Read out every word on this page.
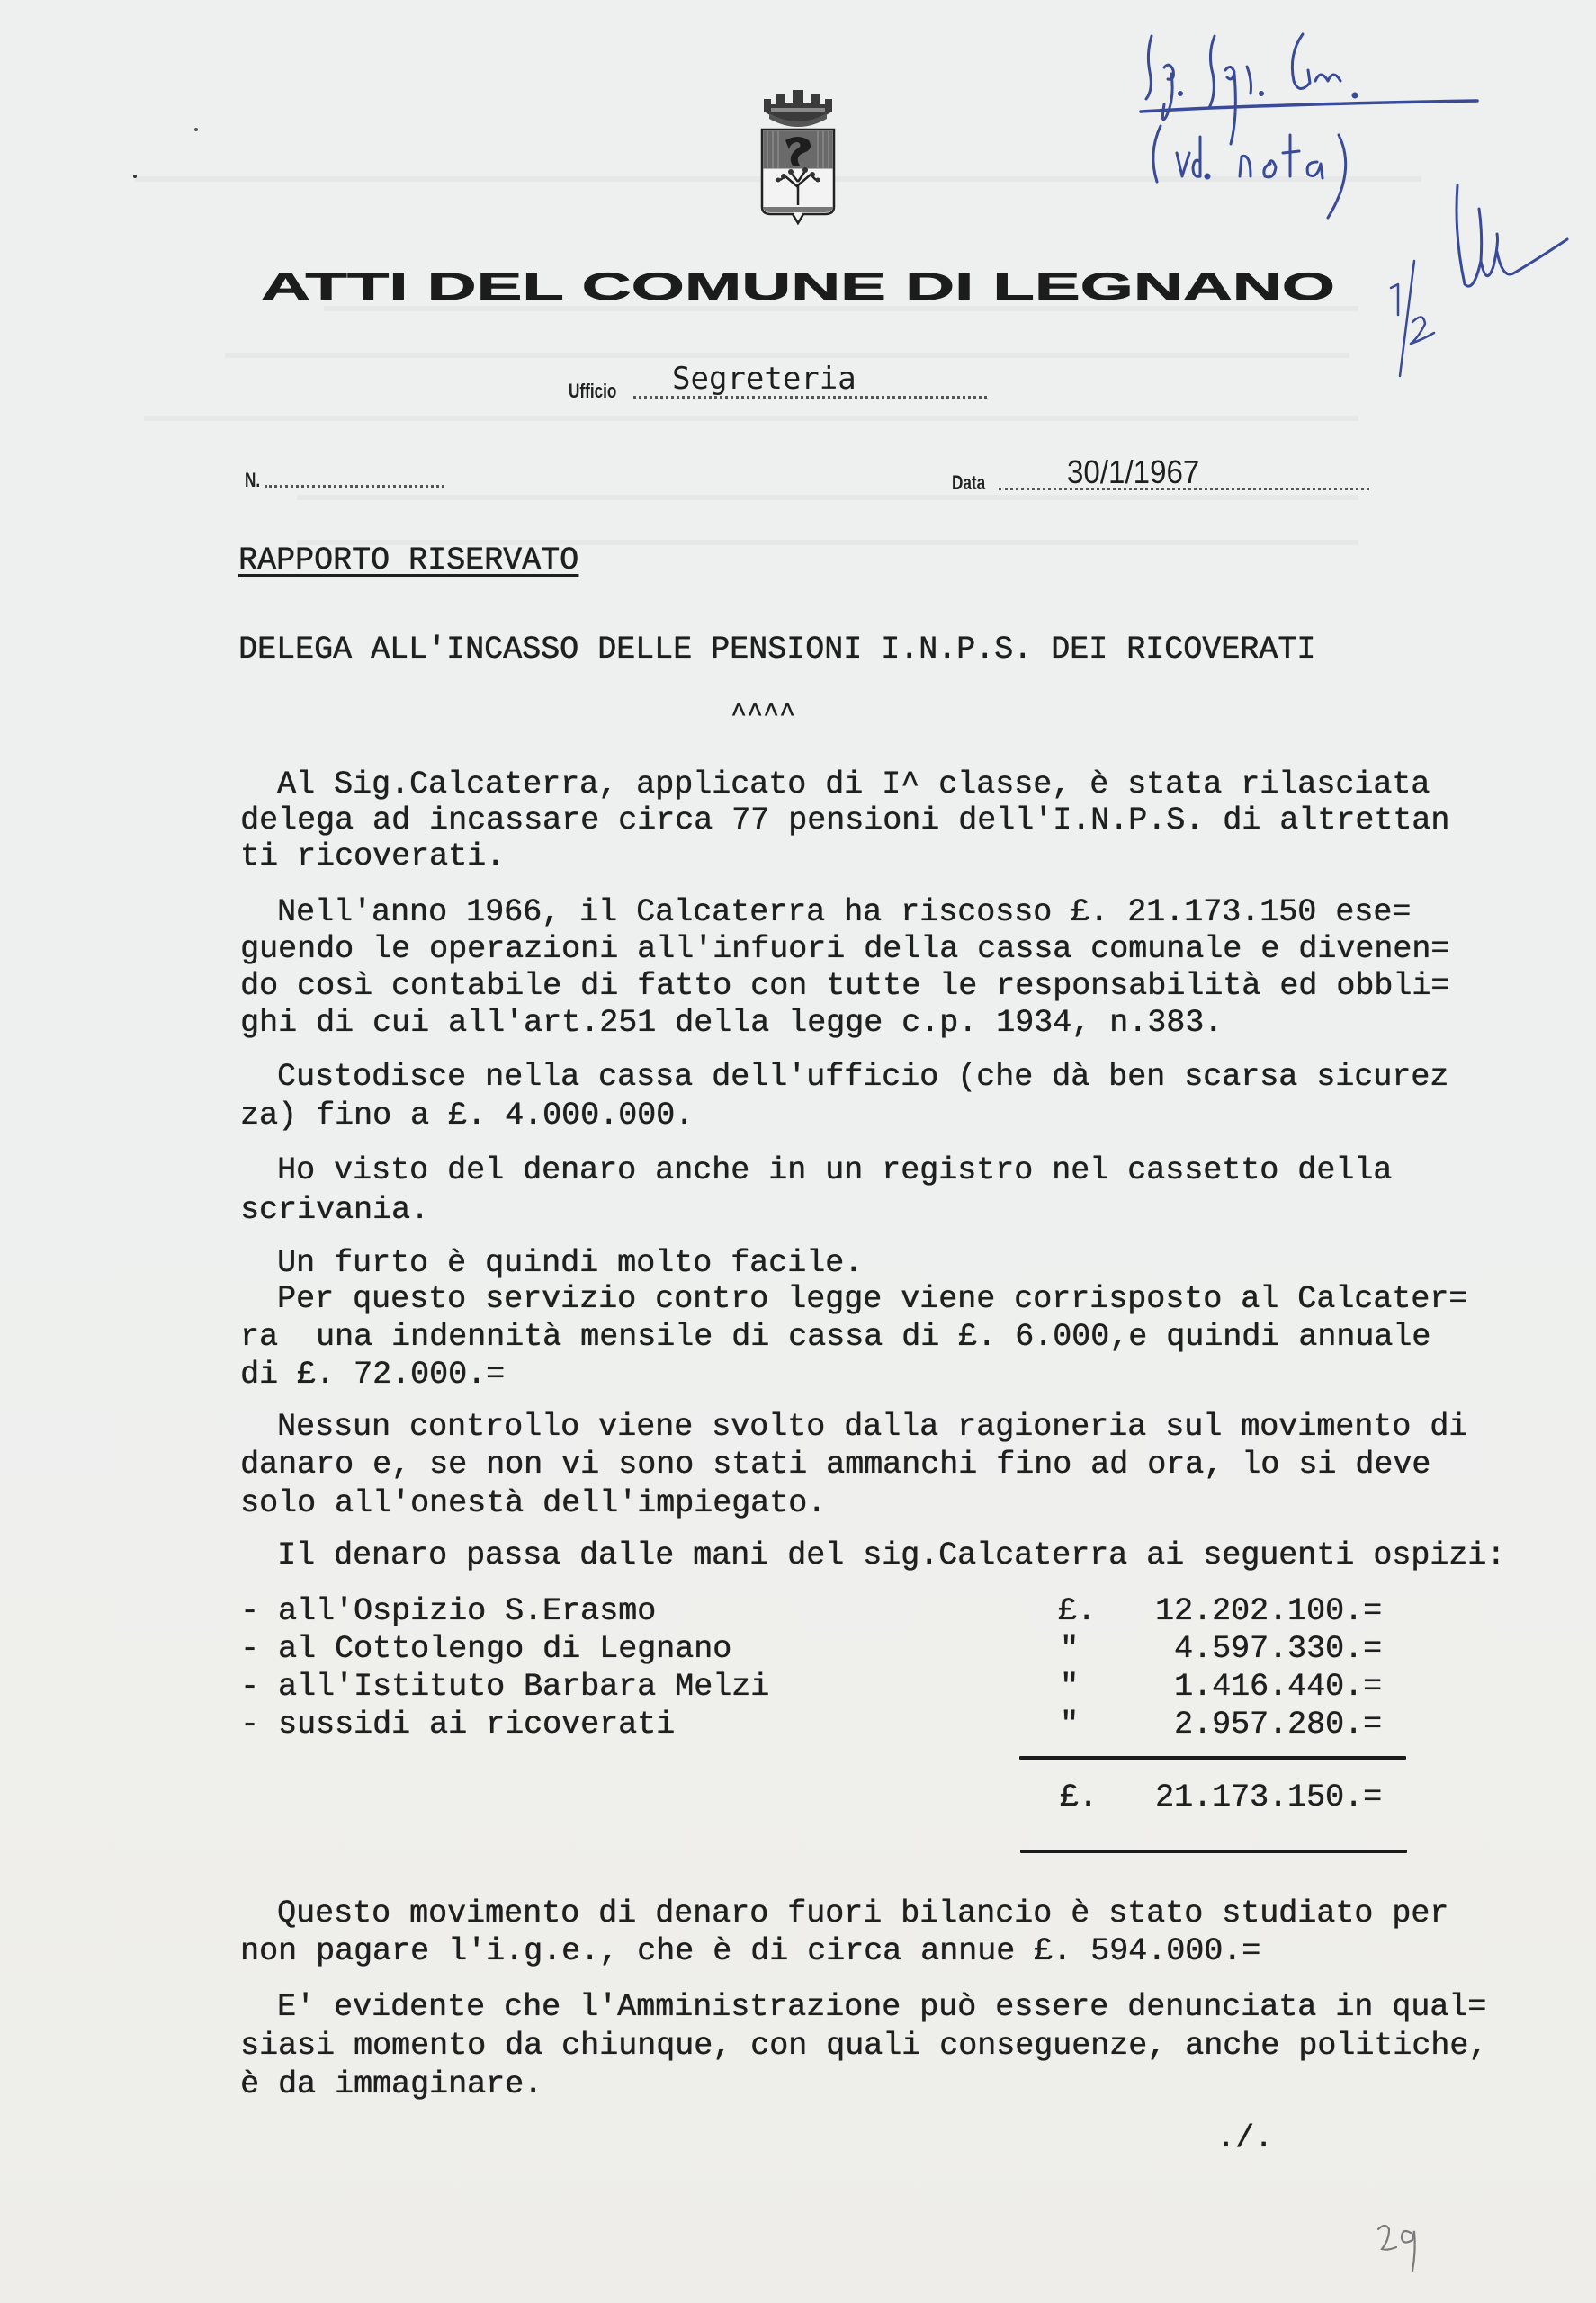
ATTI DEL COMUNE DI LEGNANO
Ufficio Segreteria
N.	Data	30/1/1967
RAPPORTO RISERVATO
DELEGA ALL'INCASSO DELLE PENSIONI I.N.P.S. DEI RICOVERATI
^^^^
Al Sig.Calcaterra, applicato di I^ classe, è stata rilasciata
delega ad incassare circa 77 pensioni dell'I.N.P.S. di altrettan
ti ricoverati.
Nell'anno 1966, il Calcaterra ha riscosso £. 21.173.150 ese=
guendo le operazioni all'infuori della cassa comunale e divenen=
do così contabile di fatto con tutte le responsabilità ed obbli=
ghi di cui all'art.251 della legge c.p. 1934, n.383.
Custodisce nella cassa dell'ufficio (che dà ben scarsa sicurez
za) fino a £. 4.000.000.
Ho visto del denaro anche in un registro nel cassetto della
scrivania.
Un furto è quindi molto facile.
Per questo servizio contro legge viene corrisposto al Calcater=
ra  una indennità mensile di cassa di £. 6.000,e quindi annuale
di £. 72.000.=
Nessun controllo viene svolto dalla ragioneria sul movimento di
danaro e, se non vi sono stati ammanchi fino ad ora, lo si deve
solo all'onestà dell'impiegato.
Il denaro passa dalle mani del sig.Calcaterra ai seguenti ospizi:
- all'Ospizio S.Erasmo	£. 12.202.100.=
- al Cottolengo di Legnano	"	4.597.330.=
- all'Istituto Barbara Melzi	"	1.416.440.=
- sussidi ai ricoverati	"	2.957.280.=
£. 21.173.150.=
Questo movimento di denaro fuori bilancio è stato studiato per
non pagare l'i.g.e., che è di circa annue £. 594.000.=
E' evidente che l'Amministrazione può essere denunciata in qual=
siasi momento da chiunque, con quali conseguenze, anche politiche,
è da immaginare.
./.
